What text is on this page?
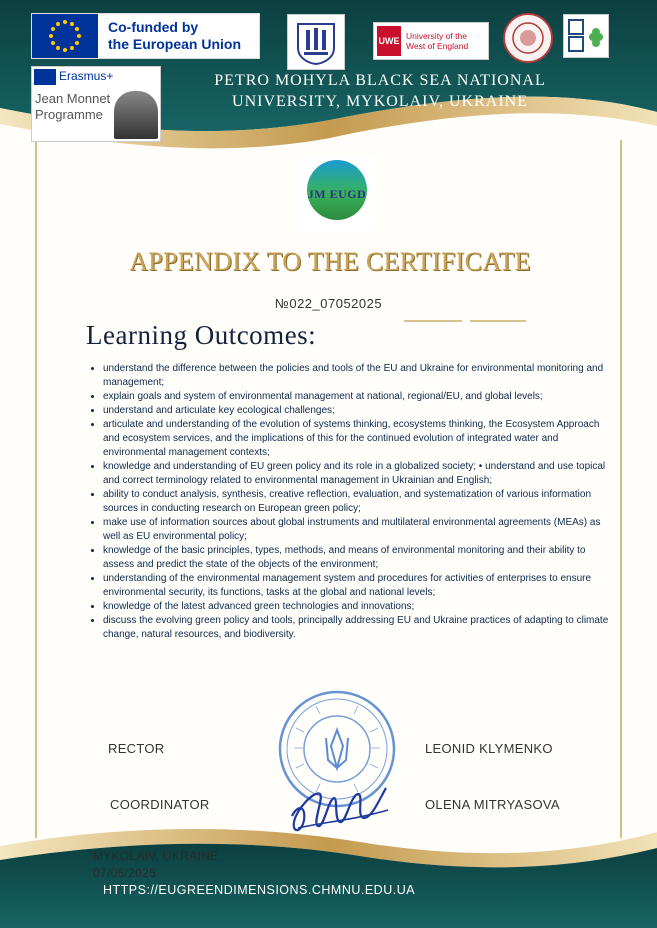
Co-funded by
the European Union
Erasmus+
Jean Monnet
Programme
UWE University of the
West of England
PETRO MOHYLA BLACK SEA NATIONAL
UNIVERSITY, MYKOLAIV, UKRAINE
JM EUGD
APPENDIX TO THE CERTIFICATE
№022_07052025
Learning Outcomes:
• understand the difference between the policies and tools of the EU and Ukraine for environmental monitoring and management;
• explain goals and system of environmental management at national, regional/EU, and global levels;
• understand and articulate key ecological challenges;
• articulate and understanding of the evolution of systems thinking, ecosystems thinking, the Ecosystem Approach and ecosystem services, and the implications of this for the continued evolution of integrated water and environmental management contexts;
• knowledge and understanding of EU green policy and its role in a globalized society; • understand and use topical and correct terminology related to environmental management in Ukrainian and English;
• ability to conduct analysis, synthesis, creative reflection, evaluation, and systematization of various information sources in conducting research on European green policy;
• make use of information sources about global instruments and multilateral environmental agreements (MEAs) as well as EU environmental policy;
• knowledge of the basic principles, types, methods, and means of environmental monitoring and their ability to assess and predict the state of the objects of the environment;
• understanding of the environmental management system and procedures for activities of enterprises to ensure environmental security, its functions, tasks at the global and national levels;
• knowledge of the latest advanced green technologies and innovations;
• discuss the evolving green policy and tools, principally addressing EU and Ukraine practices of adapting to climate change, natural resources, and biodiversity.
RECTOR	LEONID KLYMENKO
COORDINATOR	OLENA MITRYASOVA
MYKOLAIV, UKRAINE
07/05/2025
HTTPS://EUGREENDIMENSIONS.CHMNU.EDU.UA
